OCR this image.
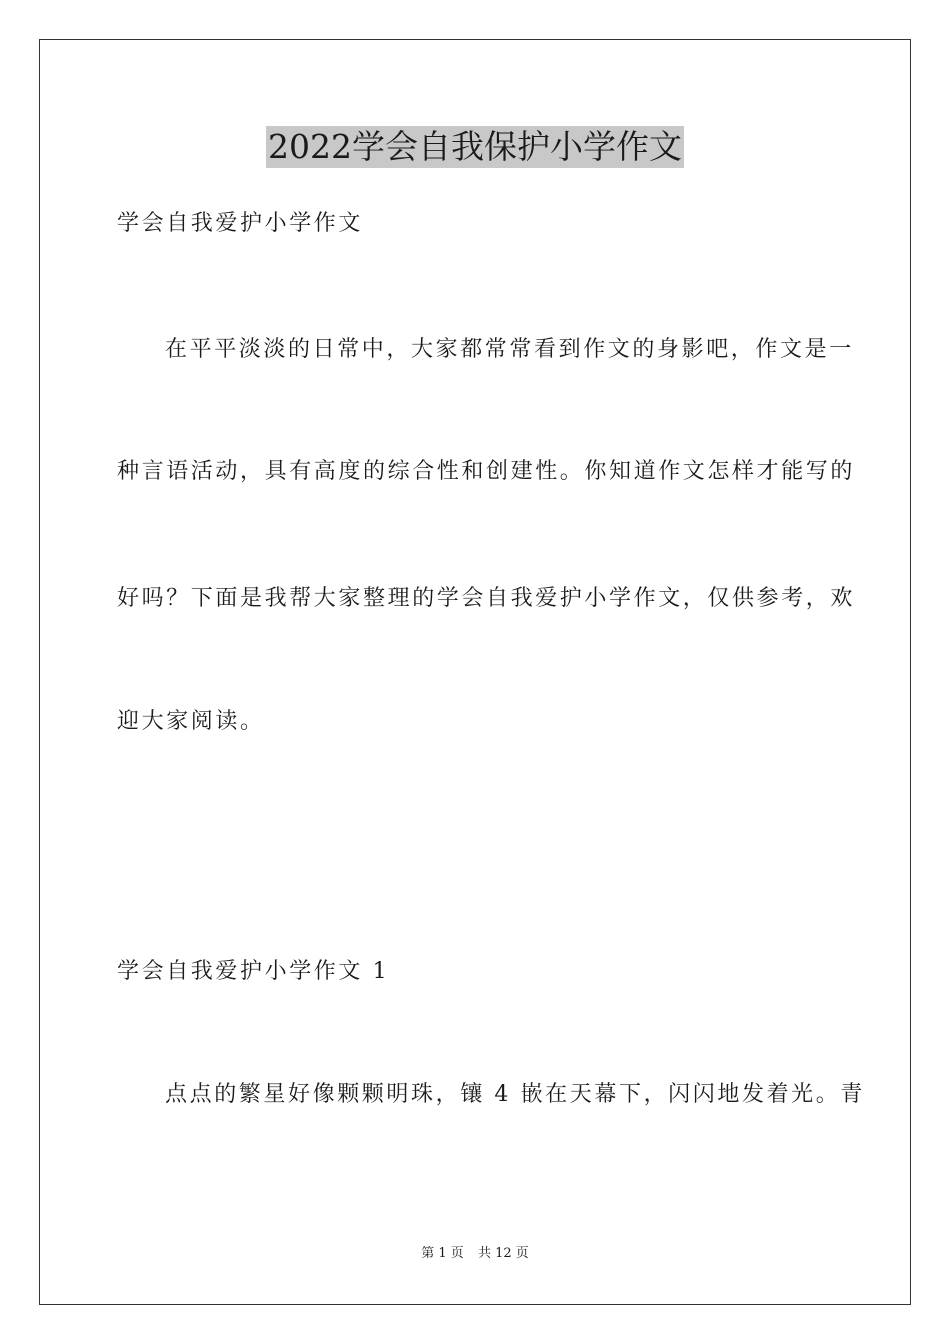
2022学会自我保护小学作文
学会自我爱护小学作文
在平平淡淡的日常中，大家都常常看到作文的身影吧，作文是一
种言语活动，具有高度的综合性和创建性。你知道作文怎样才能写的
好吗？下面是我帮大家整理的学会自我爱护小学作文，仅供参考，欢
迎大家阅读。
学会自我爱护小学作文 1
点点的繁星好像颗颗明珠，镶 4 嵌在天幕下，闪闪地发着光。青
第 1 页 共 12 页
